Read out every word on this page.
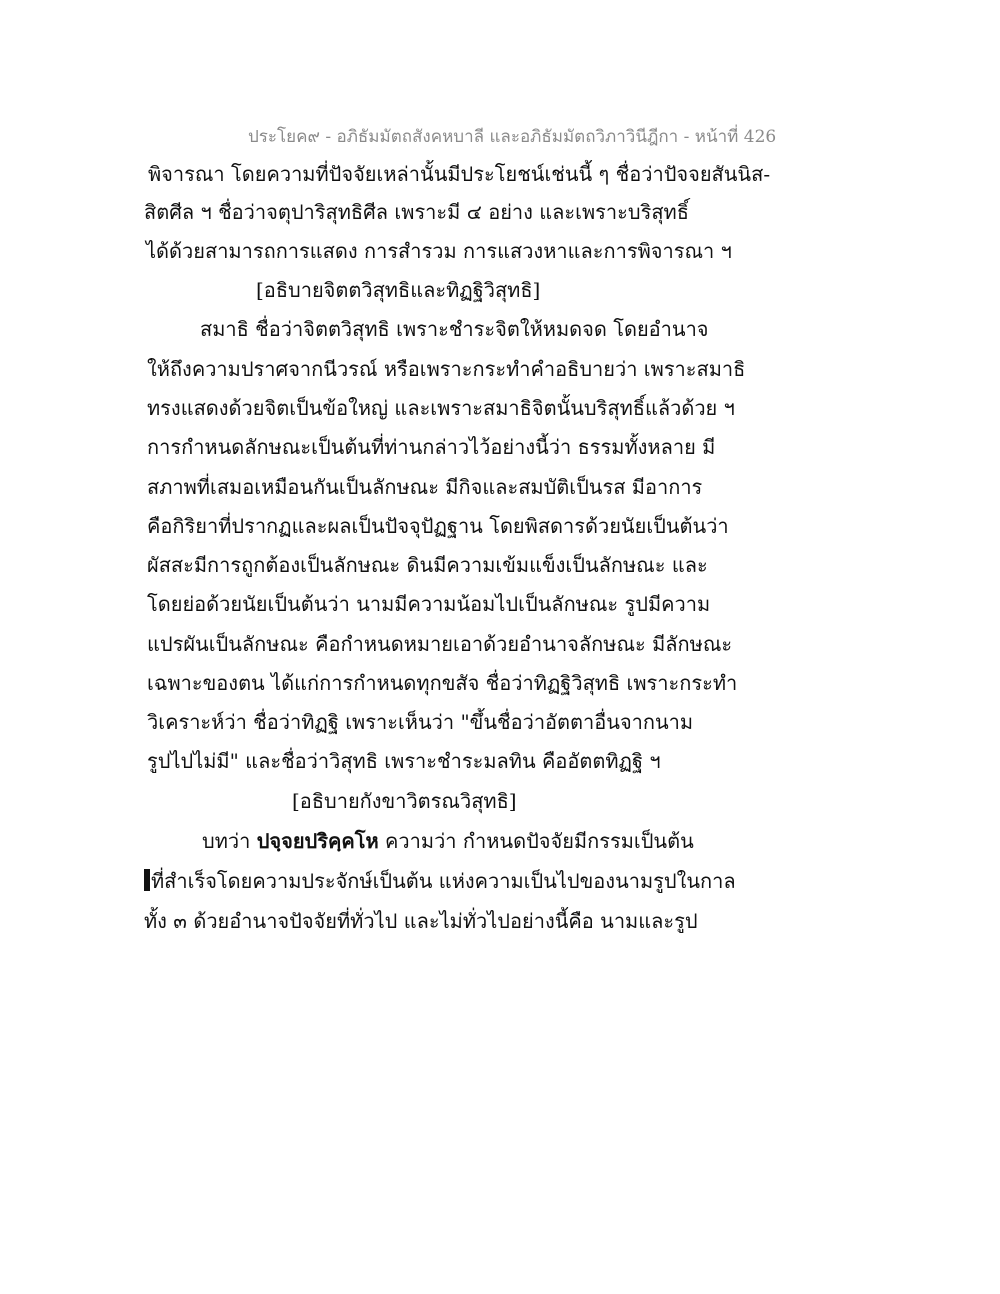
ประโยค๙ - อภิธัมมัตถสังคหบาลี และอภิธัมมัตถวิภาวินีฎีกา - หน้าที่ 426
พิจารณา โดยความที่ปัจจัยเหล่านั้นมีประโยชน์เช่นนี้ ๆ ชื่อว่าปัจจยสันนิส-
สิตศีล ฯ ชื่อว่าจตุปาริสุทธิศีล เพราะมี ๔ อย่าง และเพราะบริสุทธิ์
ได้ด้วยสามารถการแสดง การสำรวม การแสวงหาและการพิจารณา ฯ
[อธิบายจิตตวิสุทธิและทิฏฐิวิสุทธิ]
สมาธิ ชื่อว่าจิตตวิสุทธิ เพราะชำระจิตให้หมดจด โดยอำนาจ
ให้ถึงความปราศจากนีวรณ์ หรือเพราะกระทำคำอธิบายว่า เพราะสมาธิ
ทรงแสดงด้วยจิตเป็นข้อใหญ่ และเพราะสมาธิจิตนั้นบริสุทธิ์แล้วด้วย ฯ
การกำหนดลักษณะเป็นต้นที่ท่านกล่าวไว้อย่างนี้ว่า ธรรมทั้งหลาย มี
สภาพที่เสมอเหมือนกันเป็นลักษณะ มีกิจและสมบัติเป็นรส มีอาการ
คือกิริยาที่ปรากฏและผลเป็นปัจจุปัฏฐาน โดยพิสดารด้วยนัยเป็นต้นว่า
ผัสสะมีการถูกต้องเป็นลักษณะ ดินมีความเข้มแข็งเป็นลักษณะ และ
โดยย่อด้วยนัยเป็นต้นว่า นามมีความน้อมไปเป็นลักษณะ รูปมีความ
แปรผันเป็นลักษณะ คือกำหนดหมายเอาด้วยอำนาจลักษณะ มีลักษณะ
เฉพาะของตน ได้แก่การกำหนดทุกขสัจ ชื่อว่าทิฏฐิวิสุทธิ เพราะกระทำ
วิเคราะห์ว่า ชื่อว่าทิฏฐิ เพราะเห็นว่า "ขึ้นชื่อว่าอัตตาอื่นจากนาม
รูปไปไม่มี" และชื่อว่าวิสุทธิ เพราะชำระมลทิน คืออัตตทิฏฐิ ฯ
[อธิบายกังขาวิตรณวิสุทธิ]
บทว่า ปจฺจยปริคฺคโห ความว่า กำหนดปัจจัยมีกรรมเป็นต้น
ที่สำเร็จโดยความประจักษ์เป็นต้น แห่งความเป็นไปของนามรูปในกาล
ทั้ง ๓ ด้วยอำนาจปัจจัยที่ทั่วไป และไม่ทั่วไปอย่างนี้คือ นามและรูป
